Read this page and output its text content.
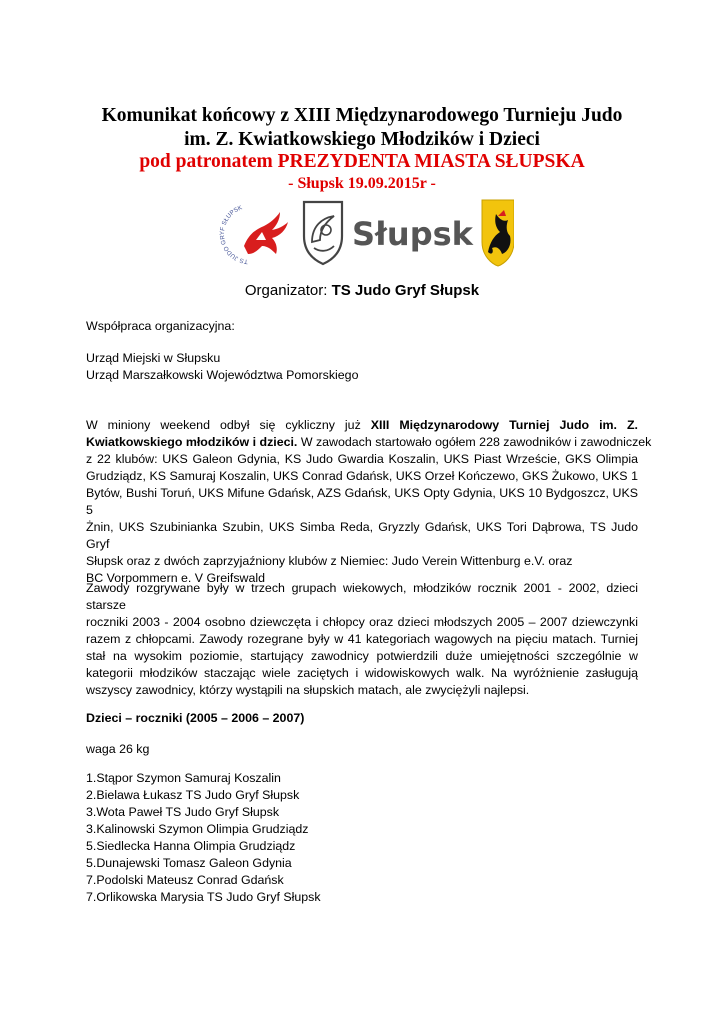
Komunikat końcowy z XIII Międzynarodowego Turnieju Judo
im. Z. Kwiatkowskiego Młodzików i Dzieci
pod patronatem PREZYDENTA MIASTA SŁUPSKA
- Słupsk 19.09.2015r -
TS JUDO GRYF SŁUPSK
Słupsk
Organizator: TS Judo Gryf Słupsk
Współpraca organizacyjna:
Urząd Miejski w Słupsku
Urząd Marszałkowski Województwa Pomorskiego
W miniony weekend odbył się cykliczny już XIII Międzynarodowy Turniej Judo im. Z.
Kwiatkowskiego młodzików i dzieci. W zawodach startowało ogółem 228 zawodników i zawodniczek
z 22 klubów: UKS Galeon Gdynia, KS Judo Gwardia Koszalin, UKS Piast Wrzeście, GKS Olimpia
Grudziądz, KS Samuraj Koszalin, UKS Conrad Gdańsk, UKS Orzeł Kończewo, GKS Żukowo, UKS 1
Bytów, Bushi Toruń, UKS Mifune Gdańsk, AZS Gdańsk, UKS Opty Gdynia, UKS 10 Bydgoszcz, UKS 5
Żnin, UKS Szubinianka Szubin, UKS Simba Reda, Gryzzly Gdańsk, UKS Tori Dąbrowa, TS Judo Gryf
Słupsk oraz z dwóch zaprzyjaźniony klubów z Niemiec: Judo Verein Wittenburg e.V. oraz
BC Vorpommern e. V Greifswald
Zawody rozgrywane były w trzech grupach wiekowych, młodzików rocznik 2001 - 2002, dzieci starsze
roczniki 2003 - 2004 osobno dziewczęta i chłopcy oraz dzieci młodszych 2005 – 2007 dziewczynki
razem z chłopcami. Zawody rozegrane były w 41 kategoriach wagowych na pięciu matach. Turniej
stał na wysokim poziomie, startujący zawodnicy potwierdzili duże umiejętności szczególnie w
kategorii młodzików staczając wiele zaciętych i widowiskowych walk. Na wyróżnienie zasługują
wszyscy zawodnicy, którzy wystąpili na słupskich matach, ale zwyciężyli najlepsi.
Dzieci – roczniki (2005 – 2006 – 2007)
waga 26 kg
1.Stąpor Szymon Samuraj Koszalin
2.Bielawa Łukasz TS Judo Gryf Słupsk
3.Wota Paweł TS Judo Gryf Słupsk
3.Kalinowski Szymon Olimpia Grudziądz
5.Siedlecka Hanna Olimpia Grudziądz
5.Dunajewski Tomasz Galeon Gdynia
7.Podolski Mateusz Conrad Gdańsk
7.Orlikowska Marysia TS Judo Gryf Słupsk
